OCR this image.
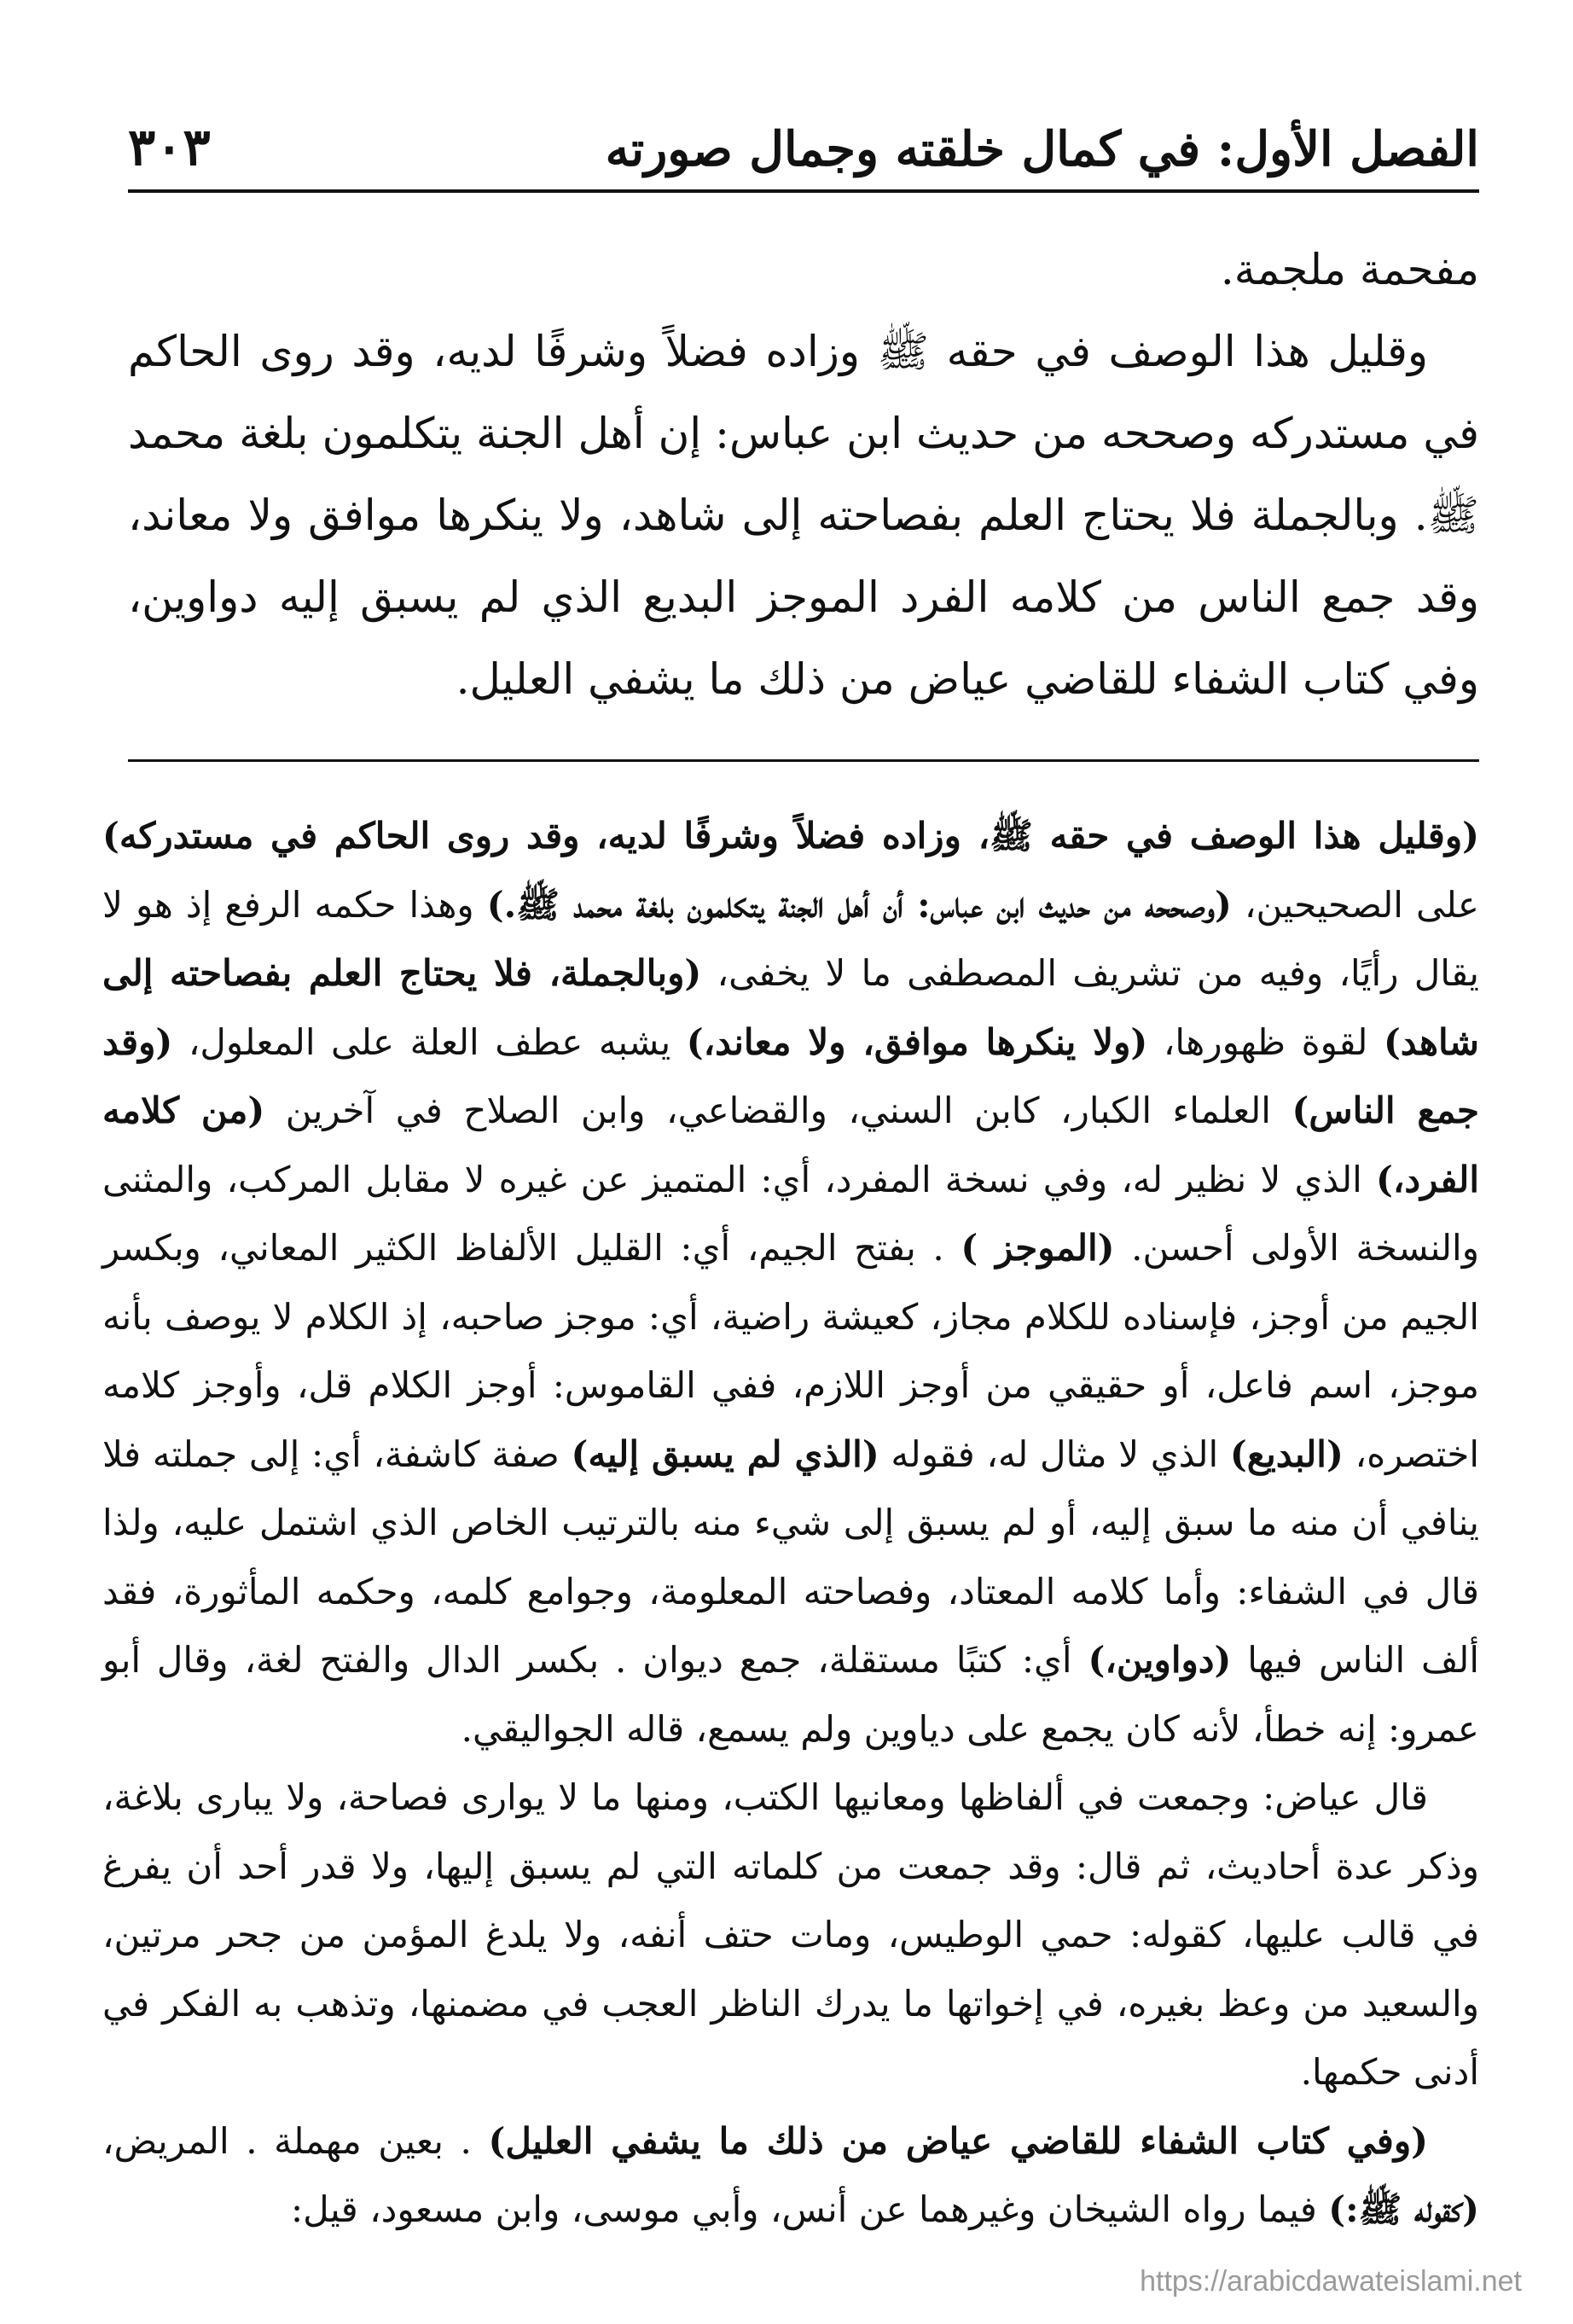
الفصل الأول: في كمال خلقته وجمال صورته
٣٠٣

مفحمة ملجمة.

وقليل هذا الوصف في حقه ﷺ وزاده فضلاً وشرفًا لديه، وقد روى الحاكم في مستدركه وصححه من حديث ابن عباس: إن أهل الجنة يتكلمون بلغة محمد ﷺ. وبالجملة فلا يحتاج العلم بفصاحته إلى شاهد، ولا ينكرها موافق ولا معاند، وقد جمع الناس من كلامه الفرد الموجز البديع الذي لم يسبق إليه دواوين، وفي كتاب الشفاء للقاضي عياض من ذلك ما يشفي العليل.

(وقليل هذا الوصف في حقه ﷺ، وزاده فضلاً وشرفًا لديه، وقد روى الحاكم في مستدركه) على الصحيحين، (وصححه من حديث ابن عباس: أن أهل الجنة يتكلمون بلغة محمد ﷺ.) وهذا حكمه الرفع إذ هو لا يقال رأيًا، وفيه من تشريف المصطفى ما لا يخفى، (وبالجملة، فلا يحتاج العلم بفصاحته إلى شاهد) لقوة ظهورها، (ولا ينكرها موافق، ولا معاند،) يشبه عطف العلة على المعلول، (وقد جمع الناس) العلماء الكبار، كابن السني، والقضاعي، وابن الصلاح في آخرين (من كلامه الفرد،) الذي لا نظير له، وفي نسخة المفرد، أي: المتميز عن غيره لا مقابل المركب، والمثنى والنسخة الأولى أحسن. (الموجز ) . بفتح الجيم، أي: القليل الألفاظ الكثير المعاني، وبكسر الجيم من أوجز، فإسناده للكلام مجاز، كعيشة راضية، أي: موجز صاحبه، إذ الكلام لا يوصف بأنه موجز، اسم فاعل، أو حقيقي من أوجز اللازم، ففي القاموس: أوجز الكلام قل، وأوجز كلامه اختصره، (البديع) الذي لا مثال له، فقوله (الذي لم يسبق إليه) صفة كاشفة، أي: إلى جملته فلا ينافي أن منه ما سبق إليه، أو لم يسبق إلى شيء منه بالترتيب الخاص الذي اشتمل عليه، ولذا قال في الشفاء: وأما كلامه المعتاد، وفصاحته المعلومة، وجوامع كلمه، وحكمه المأثورة، فقد ألف الناس فيها (دواوين،) أي: كتبًا مستقلة، جمع ديوان . بكسر الدال والفتح لغة، وقال أبو عمرو: إنه خطأ، لأنه كان يجمع على دياوين ولم يسمع، قاله الجواليقي.

قال عياض: وجمعت في ألفاظها ومعانيها الكتب، ومنها ما لا يوارى فصاحة، ولا يبارى بلاغة، وذكر عدة أحاديث، ثم قال: وقد جمعت من كلماته التي لم يسبق إليها، ولا قدر أحد أن يفرغ في قالب عليها، كقوله: حمي الوطيس، ومات حتف أنفه، ولا يلدغ المؤمن من جحر مرتين، والسعيد من وعظ بغيره، في إخواتها ما يدرك الناظر العجب في مضمنها، وتذهب به الفكر في أدنى حكمها.

(وفي كتاب الشفاء للقاضي عياض من ذلك ما يشفي العليل) . بعين مهملة . المريض، (كقوله ﷺ:) فيما رواه الشيخان وغيرهما عن أنس، وأبي موسى، وابن مسعود، قيل:

https://arabicdawateislami.net
